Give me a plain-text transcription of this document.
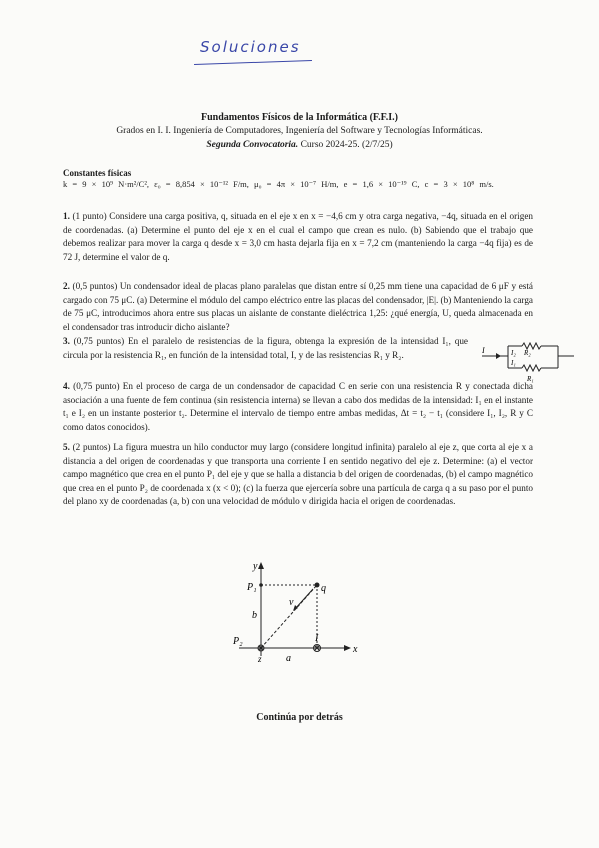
Soluciones
Fundamentos Físicos de la Informática (F.F.I.)
Grados en I. I. Ingeniería de Computadores, Ingeniería del Software y Tecnologías Informáticas.
Segunda Convocatoria. Curso 2024-25. (2/7/25)
Constantes físicas
k = 9 × 10⁹ N·m²/C², ε₀ = 8,854 × 10⁻¹² F/m, μ₀ = 4π × 10⁻⁷ H/m, e = 1,6 × 10⁻¹⁹ C, c = 3 × 10⁸ m/s.
1. (1 punto) Considere una carga positiva, q, situada en el eje x en x = −4,6 cm y otra carga negativa, −4q, situada en el origen de coordenadas. (a) Determine el punto del eje x en el cual el campo que crean es nulo. (b) Sabiendo que el trabajo que debemos realizar para mover la carga q desde x = 3,0 cm hasta dejarla fija en x = 7,2 cm (manteniendo la carga −4q fija) es de 72 J, determine el valor de q.
2. (0,5 puntos) Un condensador ideal de placas plano paralelas que distan entre sí 0,25 mm tiene una capacidad de 6 μF y está cargado con 75 μC. (a) Determine el módulo del campo eléctrico entre las placas del condensador, |E|. (b) Manteniendo la carga de 75 μC, introducimos ahora entre sus placas un aislante de constante dieléctrica 1,25: ¿qué energía, U, queda almacenada en el condensador tras introducir dicho aislante?
3. (0,75 puntos) En el paralelo de resistencias de la figura, obtenga la expresión de la intensidad I₁, que circula por la resistencia R₁, en función de la intensidad total, I, y de las resistencias R₁ y R₂.
4. (0,75 punto) En el proceso de carga de un condensador de capacidad C en serie con una resistencia R y conectada dicha asociación a una fuente de fem continua (sin resistencia interna) se llevan a cabo dos medidas de la intensidad: I₁ en el instante t₁ e I₂ en un instante posterior t₂. Determine el intervalo de tiempo entre ambas medidas, Δt = t₂ − t₁ (considere I₁, I₂, R y C como datos conocidos).
5. (2 puntos) La figura muestra un hilo conductor muy largo (considere longitud infinita) paralelo al eje z, que corta al eje x a distancia a del origen de coordenadas y que transporta una corriente I en sentido negativo del eje z. Determine: (a) el vector campo magnético que crea en el punto P₁ del eje y que se halla a distancia b del origen de coordenadas, (b) el campo magnético que crea en el punto P₂ de coordenada x (x < 0); (c) la fuerza que ejercería sobre una partícula de carga q a su paso por el punto del plano xy de coordenadas (a, b) con una velocidad de módulo v dirigida hacia el origen de coordenadas.
I	I₂ R₂
I₁
R₁
y
x
P₁
P₂
b
a
v
q
I
z
Continúa por detrás
